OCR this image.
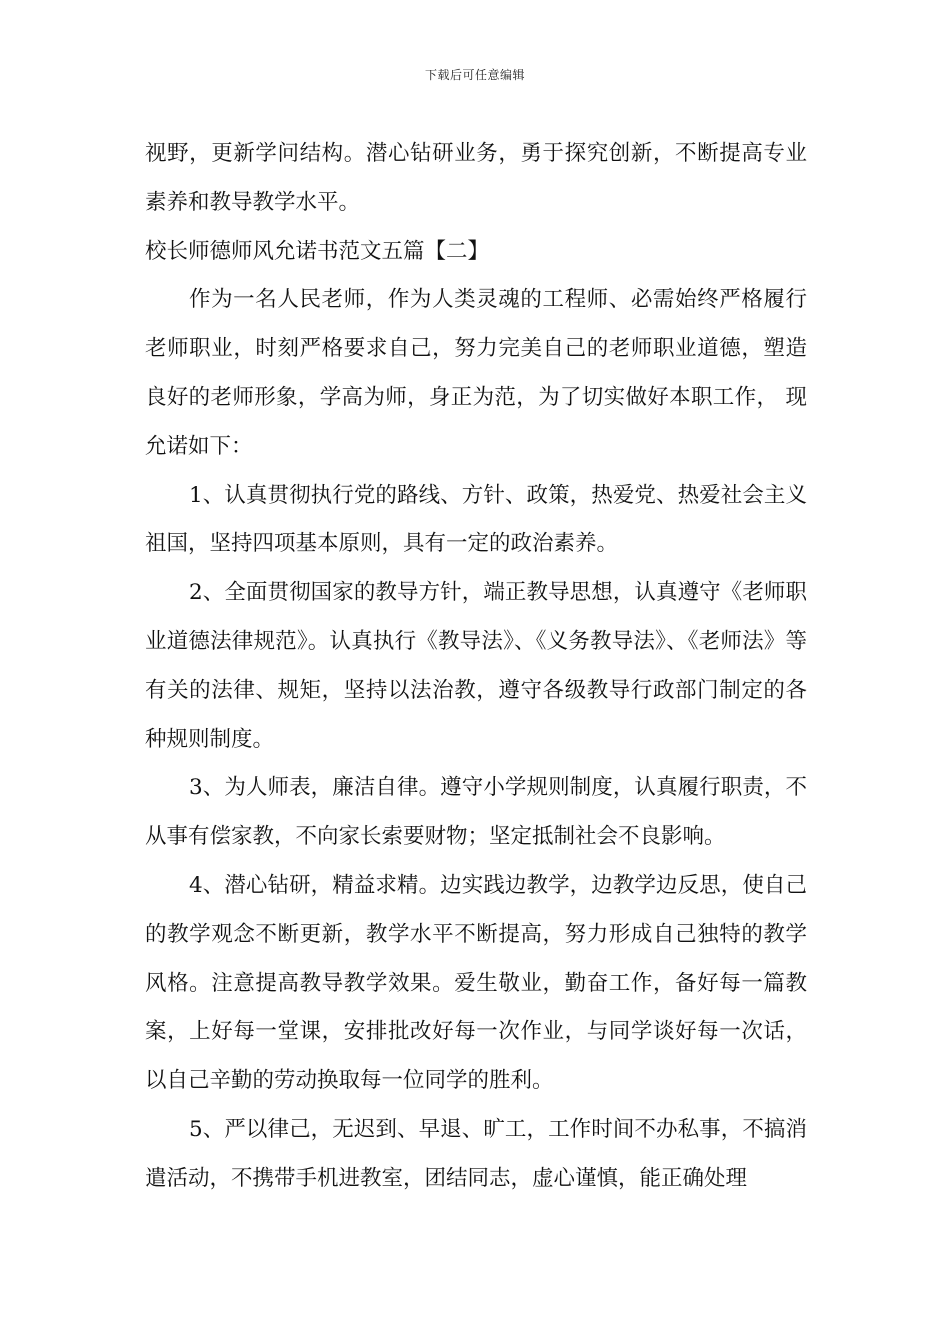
下载后可任意编辑

视野，更新学问结构。潜心钻研业务，勇于探究创新，不断提高专业素养和教导教学水平。

校长师德师风允诺书范文五篇【二】

作为一名人民老师，作为人类灵魂的工程师、必需始终严格履行老师职业，时刻严格要求自己，努力完美自己的老师职业道德，塑造良好的老师形象，学高为师，身正为范，为了切实做好本职工作， 现允诺如下：

1、认真贯彻执行党的路线、方针、政策，热爱党、热爱社会主义祖国，坚持四项基本原则，具有一定的政治素养。

2、全面贯彻国家的教导方针，端正教导思想，认真遵守《老师职业道德法律规范》。认真执行《教导法》、《义务教导法》、《老师法》等有关的法律、规矩，坚持以法治教，遵守各级教导行政部门制定的各种规则制度。

3、为人师表，廉洁自律。遵守小学规则制度，认真履行职责，不从事有偿家教，不向家长索要财物；坚定抵制社会不良影响。

4、潜心钻研，精益求精。边实践边教学，边教学边反思，使自己的教学观念不断更新，教学水平不断提高，努力形成自己独特的教学风格。注意提高教导教学效果。爱生敬业，勤奋工作，备好每一篇教案，上好每一堂课，安排批改好每一次作业，与同学谈好每一次话，以自己辛勤的劳动换取每一位同学的胜利。

5、严以律己，无迟到、早退、旷工，工作时间不办私事，不搞消遣活动，不携带手机进教室，团结同志，虚心谨慎，能正确处理
